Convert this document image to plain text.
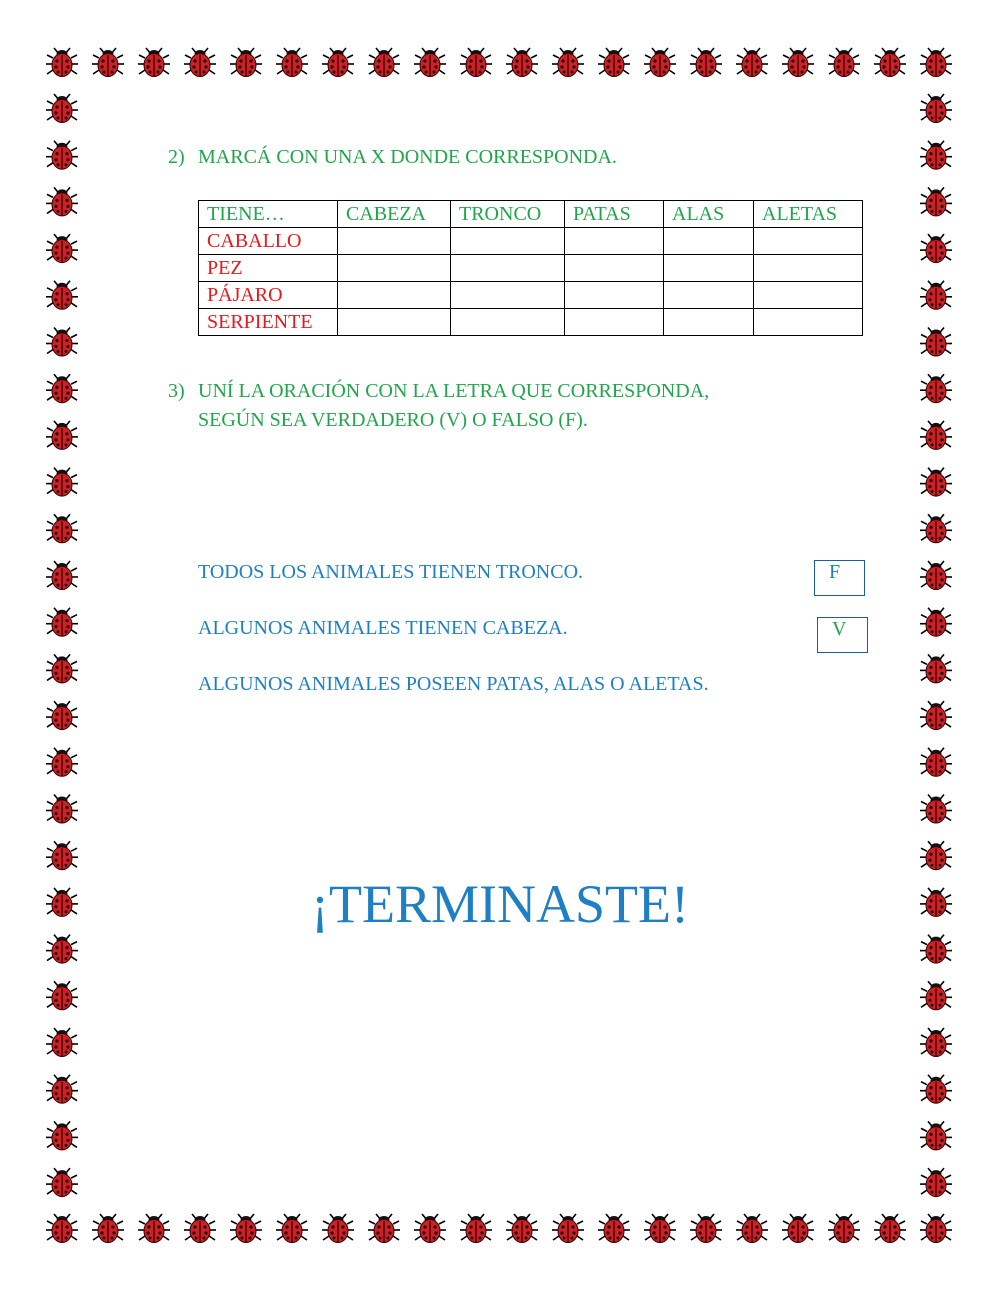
2) MARCÁ CON UNA X DONDE CORRESPONDA.
TIENE…	CABEZA	TRONCO	PATAS	ALAS	ALETAS
CABALLO					
PEZ					
PÁJARO					
SERPIENTE					
3) UNÍ LA ORACIÓN CON LA LETRA QUE CORRESPONDA,
SEGÚN SEA VERDADERO (V) O FALSO (F).
TODOS LOS ANIMALES TIENEN TRONCO.
ALGUNOS ANIMALES TIENEN CABEZA.
ALGUNOS ANIMALES POSEEN PATAS, ALAS O ALETAS.
F
V
¡TERMINASTE!
